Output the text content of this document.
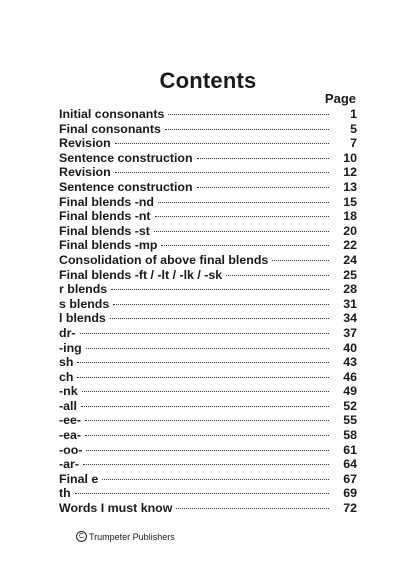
Contents
Page
Initial consonants	1
Final consonants	5
Revision	7
Sentence construction	10
Revision	12
Sentence construction	13
Final blends -nd	15
Final blends -nt	18
Final blends -st	20
Final blends -mp	22
Consolidation of above final blends	24
Final blends -ft / -lt / -lk / -sk	25
r blends	28
s blends	31
l blends	34
dr-	37
-ing	40
sh	43
ch	46
-nk	49
-all	52
-ee-	55
-ea-	58
-oo-	61
-ar-	64
Final e	67
th	69
Words I must know	72
C Trumpeter Publishers
